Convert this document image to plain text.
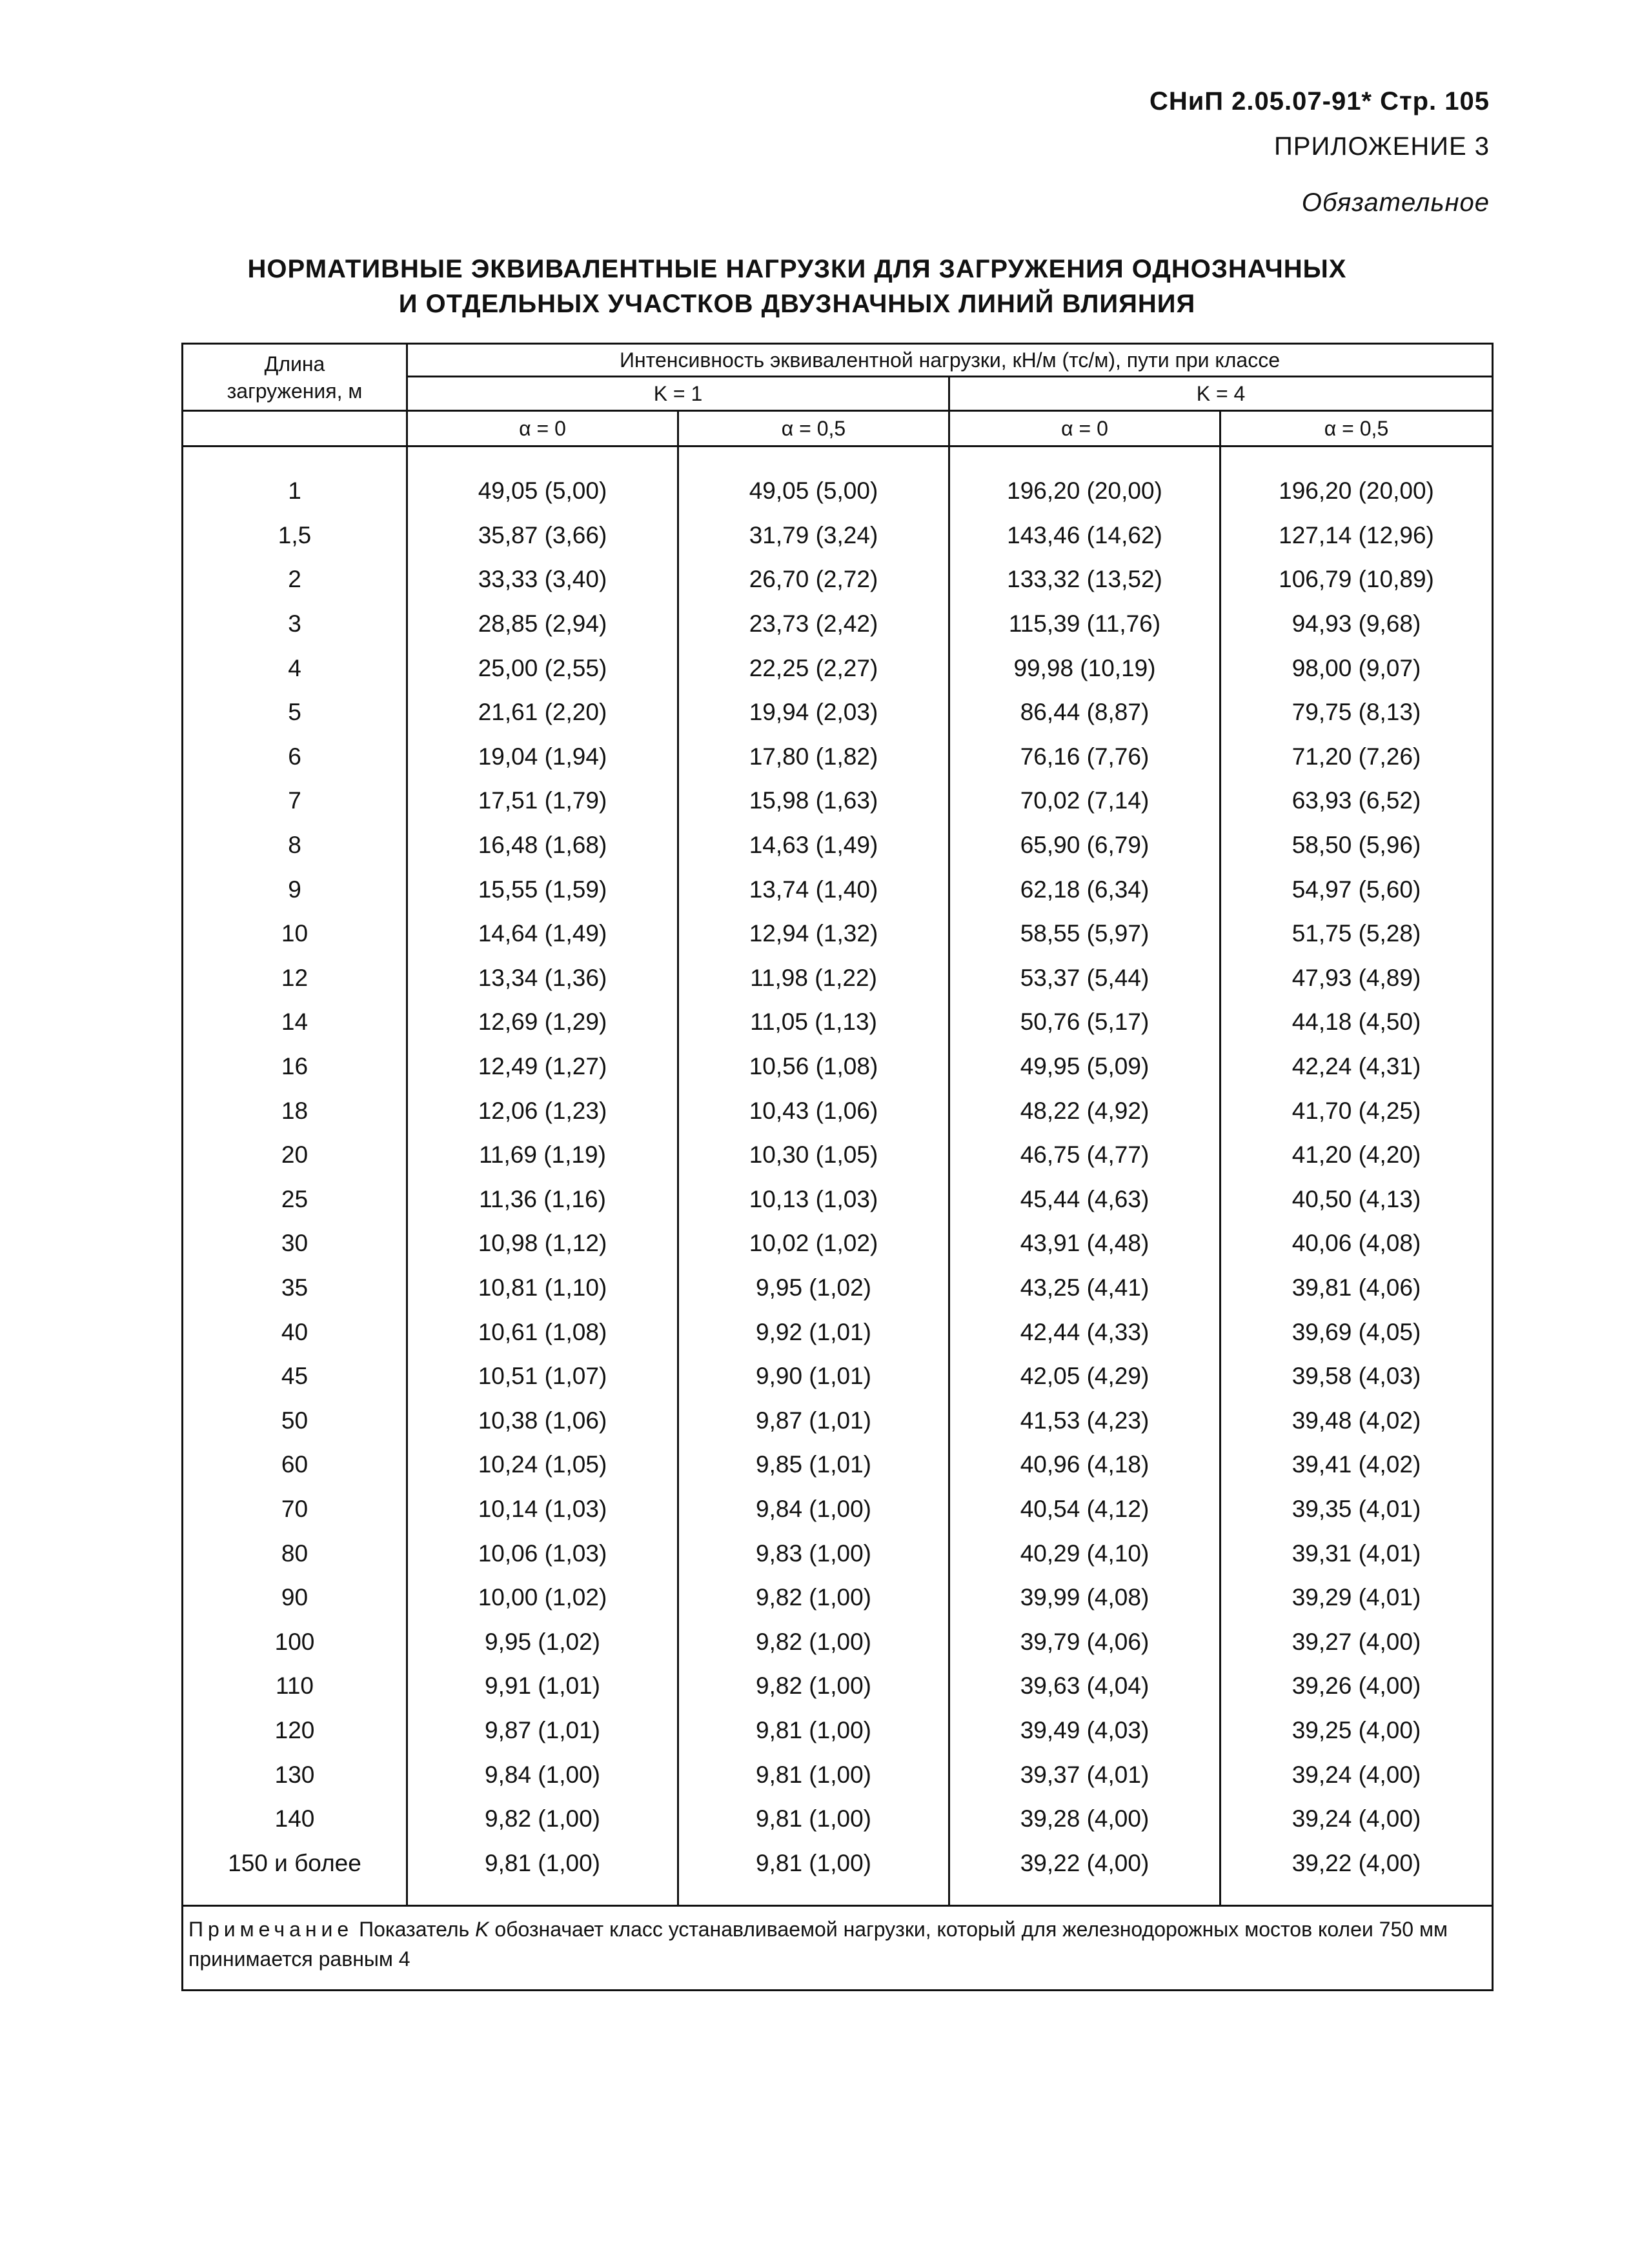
СНиП 2.05.07-91* Стр. 105
ПРИЛОЖЕНИЕ 3
Обязательное
НОРМАТИВНЫЕ ЭКВИВАЛЕНТНЫЕ НАГРУЗКИ ДЛЯ ЗАГРУЖЕНИЯ ОДНОЗНАЧНЫХ
И ОТДЕЛЬНЫХ УЧАСТКОВ ДВУЗНАЧНЫХ ЛИНИЙ ВЛИЯНИЯ
Длина
загружения, м	Интенсивность эквивалентной нагрузки, кН/м (тс/м), пути при классе			
	K = 1		K = 4	
	α = 0	α = 0,5	α = 0	α = 0,5

1	49,05 (5,00)	49,05 (5,00)	196,20 (20,00)	196,20 (20,00)
1,5	35,87 (3,66)	31,79 (3,24)	143,46 (14,62)	127,14 (12,96)
2	33,33 (3,40)	26,70 (2,72)	133,32 (13,52)	106,79 (10,89)
3	28,85 (2,94)	23,73 (2,42)	115,39 (11,76)	94,93 (9,68)
4	25,00 (2,55)	22,25 (2,27)	99,98 (10,19)	98,00 (9,07)
5	21,61 (2,20)	19,94 (2,03)	86,44 (8,87)	79,75 (8,13)
6	19,04 (1,94)	17,80 (1,82)	76,16 (7,76)	71,20 (7,26)
7	17,51 (1,79)	15,98 (1,63)	70,02 (7,14)	63,93 (6,52)
8	16,48 (1,68)	14,63 (1,49)	65,90 (6,79)	58,50 (5,96)
9	15,55 (1,59)	13,74 (1,40)	62,18 (6,34)	54,97 (5,60)
10	14,64 (1,49)	12,94 (1,32)	58,55 (5,97)	51,75 (5,28)
12	13,34 (1,36)	11,98 (1,22)	53,37 (5,44)	47,93 (4,89)
14	12,69 (1,29)	11,05 (1,13)	50,76 (5,17)	44,18 (4,50)
16	12,49 (1,27)	10,56 (1,08)	49,95 (5,09)	42,24 (4,31)
18	12,06 (1,23)	10,43 (1,06)	48,22 (4,92)	41,70 (4,25)
20	11,69 (1,19)	10,30 (1,05)	46,75 (4,77)	41,20 (4,20)
25	11,36 (1,16)	10,13 (1,03)	45,44 (4,63)	40,50 (4,13)
30	10,98 (1,12)	10,02 (1,02)	43,91 (4,48)	40,06 (4,08)
35	10,81 (1,10)	9,95 (1,02)	43,25 (4,41)	39,81 (4,06)
40	10,61 (1,08)	9,92 (1,01)	42,44 (4,33)	39,69 (4,05)
45	10,51 (1,07)	9,90 (1,01)	42,05 (4,29)	39,58 (4,03)
50	10,38 (1,06)	9,87 (1,01)	41,53 (4,23)	39,48 (4,02)
60	10,24 (1,05)	9,85 (1,01)	40,96 (4,18)	39,41 (4,02)
70	10,14 (1,03)	9,84 (1,00)	40,54 (4,12)	39,35 (4,01)
80	10,06 (1,03)	9,83 (1,00)	40,29 (4,10)	39,31 (4,01)
90	10,00 (1,02)	9,82 (1,00)	39,99 (4,08)	39,29 (4,01)
100	9,95 (1,02)	9,82 (1,00)	39,79 (4,06)	39,27 (4,00)
110	9,91 (1,01)	9,82 (1,00)	39,63 (4,04)	39,26 (4,00)
120	9,87 (1,01)	9,81 (1,00)	39,49 (4,03)	39,25 (4,00)
130	9,84 (1,00)	9,81 (1,00)	39,37 (4,01)	39,24 (4,00)
140	9,82 (1,00)	9,81 (1,00)	39,28 (4,00)	39,24 (4,00)
150 и более	9,81 (1,00)	9,81 (1,00)	39,22 (4,00)	39,22 (4,00)

Примечание Показатель K обозначает класс устанавливаемой нагрузки, который для железнодорожных мостов колеи 750 мм принимается равным 4				
